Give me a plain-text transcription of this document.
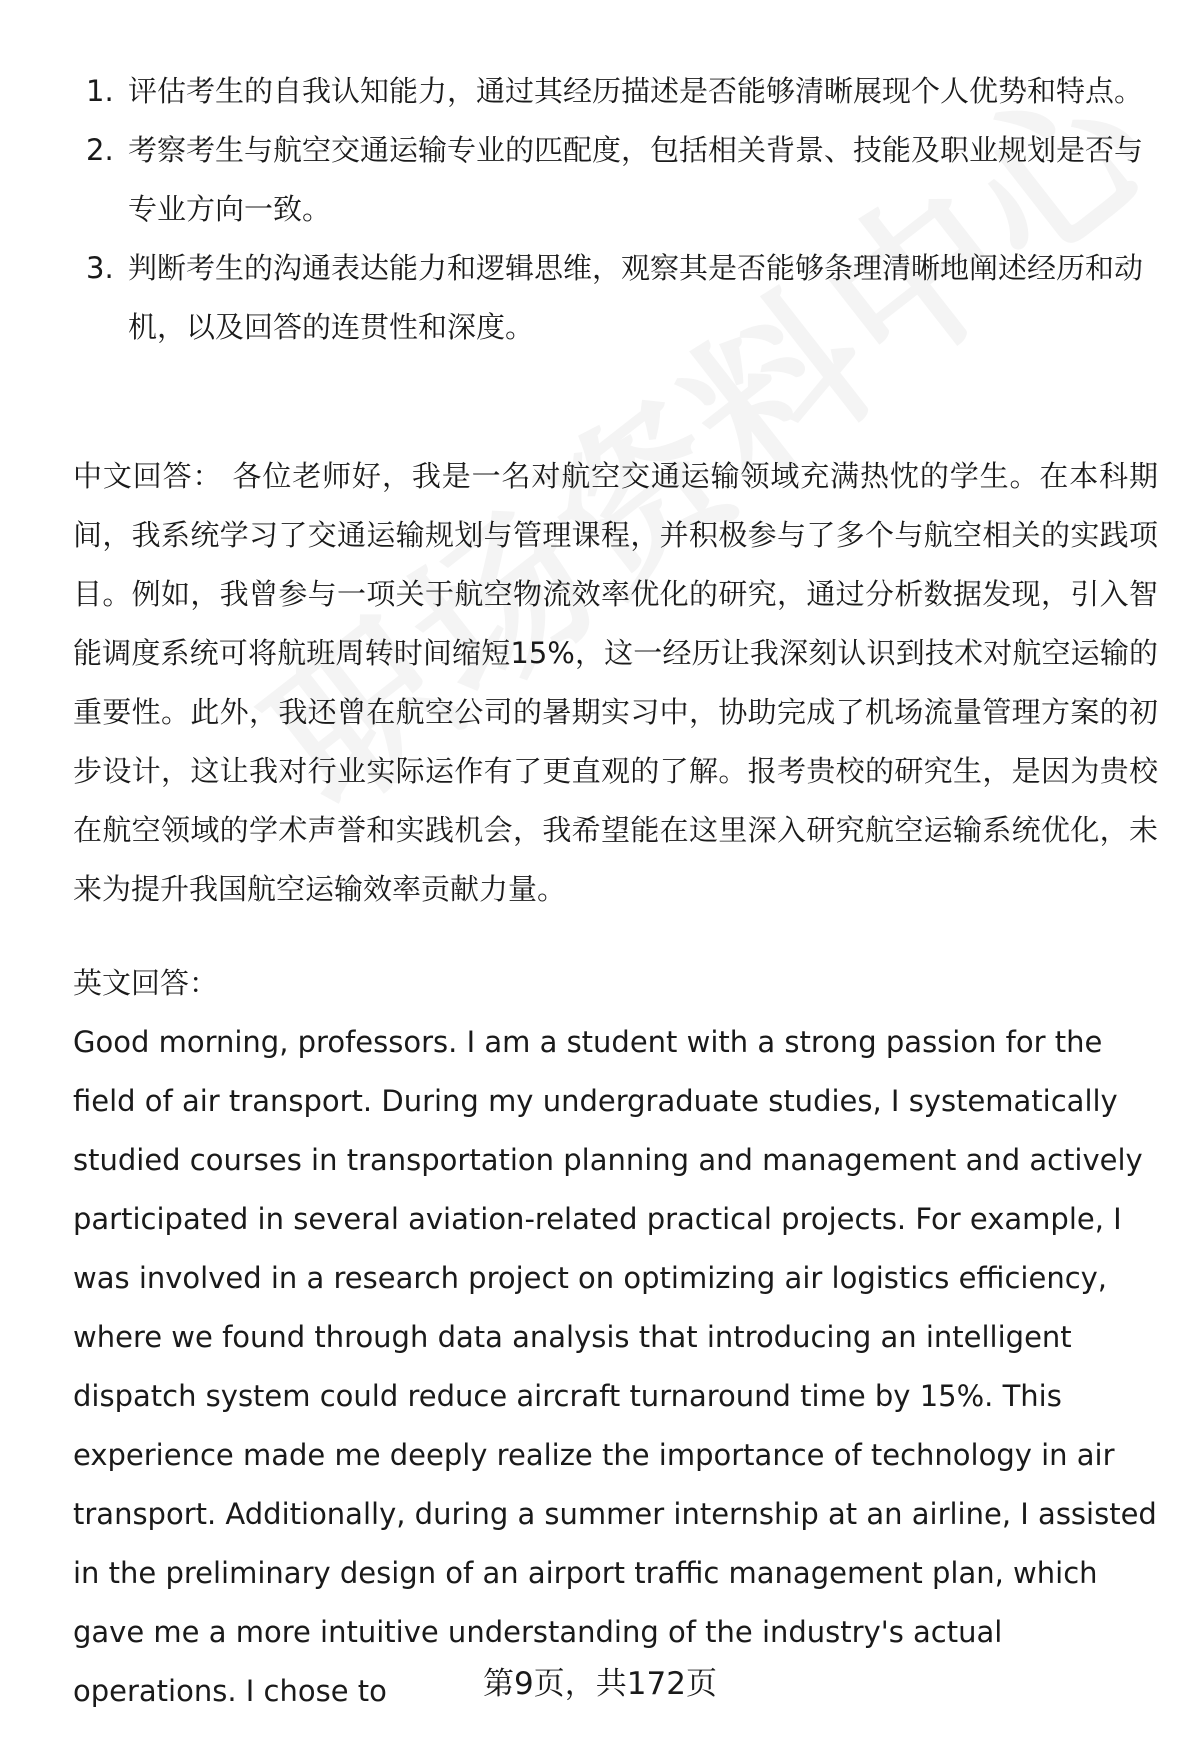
1. 评估考生的自我认知能力，通过其经历描述是否能够清晰展现个人优势和特点。
2. 考察考生与航空交通运输专业的匹配度，包括相关背景、技能及职业规划是否与专业方向一致。
3. 判断考生的沟通表达能力和逻辑思维，观察其是否能够条理清晰地阐述经历和动机，以及回答的连贯性和深度。

中文回答： 各位老师好，我是一名对航空交通运输领域充满热忱的学生。在本科期间，我系统学习了交通运输规划与管理课程，并积极参与了多个与航空相关的实践项目。例如，我曾参与一项关于航空物流效率优化的研究，通过分析数据发现，引入智能调度系统可将航班周转时间缩短15%，这一经历让我深刻认识到技术对航空运输的重要性。此外，我还曾在航空公司的暑期实习中，协助完成了机场流量管理方案的初步设计，这让我对行业实际运作有了更直观的了解。报考贵校的研究生，是因为贵校在航空领域的学术声誉和实践机会，我希望能在这里深入研究航空运输系统优化，未来为提升我国航空运输效率贡献力量。

英文回答：

Good morning, professors. I am a student with a strong passion for the field of air transport. During my undergraduate studies, I systematically studied courses in transportation planning and management and actively participated in several aviation-related practical projects. For example, I was involved in a research project on optimizing air logistics efficiency, where we found through data analysis that introducing an intelligent dispatch system could reduce aircraft turnaround time by 15%. This experience made me deeply realize the importance of technology in air transport. Additionally, during a summer internship at an airline, I assisted in the preliminary design of an airport traffic management plan, which gave me a more intuitive understanding of the industry's actual operations. I chose to	第9页，共172页
